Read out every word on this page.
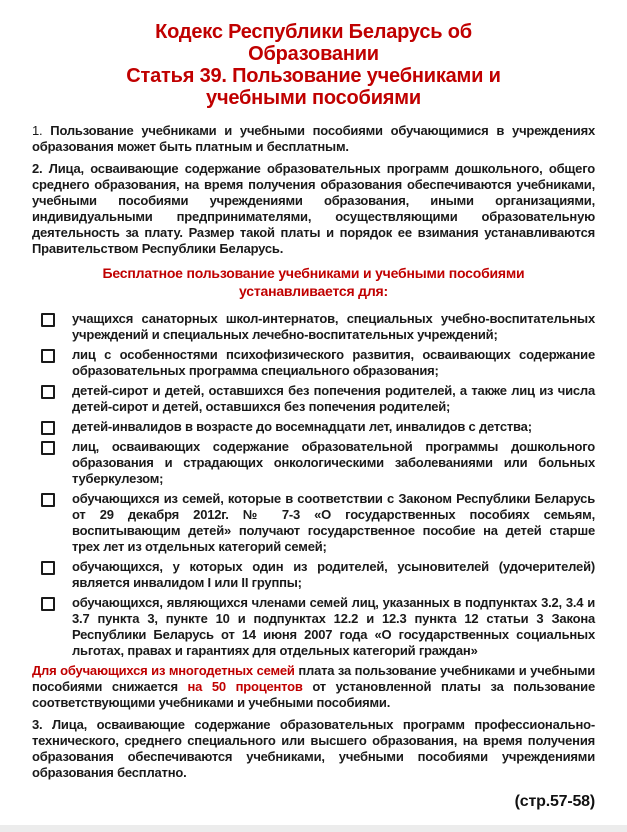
Кодекс Республики Беларусь об
Образовании
Статья 39. Пользование учебниками и
учебными пособиями

1. Пользование учебниками и учебными пособиями обучающимися в учреждениях образования может быть платным и бесплатным.

2. Лица, осваивающие содержание образовательных программ дошкольного, общего среднего образования, на время получения образования обеспечиваются учебниками, учебными пособиями учреждениями образования, иными организациями, индивидуальными предпринимателями, осуществляющими образовательную деятельность за плату. Размер такой платы и порядок ее взимания устанавливаются Правительством Республики Беларусь.

Бесплатное пользование учебниками и учебными пособиями
устанавливается для:
учащихся санаторных школ-интернатов, специальных учебно-воспитательных учреждений и специальных лечебно-воспитательных учреждений;
лиц с особенностями психофизического развития, осваивающих содержание образовательных программа специального образования;
детей-сирот и детей, оставшихся без попечения родителей, а также лиц из числа детей-сирот и детей, оставшихся без попечения родителей;
детей-инвалидов в возрасте до восемнадцати лет, инвалидов с детства;
лиц, осваивающих содержание образовательной программы дошкольного образования и страдающих онкологическими заболеваниями или больных туберкулезом;
обучающихся из семей, которые в соответствии с Законом Республики Беларусь от 29 декабря 2012г. № 7-3 «О государственных пособиях семьям, воспитывающим детей» получают государственное пособие на детей старше трех лет из отдельных категорий семей;
обучающихся, у которых один из родителей, усыновителей (удочерителей) является инвалидом I или II группы;
обучающихся, являющихся членами семей лиц, указанных в подпунктах 3.2, 3.4 и 3.7 пункта 3, пункте 10 и подпунктах 12.2 и 12.3 пункта 12 статьи 3 Закона Республики Беларусь от 14 июня 2007 года «О государственных социальных льготах, правах и гарантиях для отдельных категорий граждан»

Для обучающихся из многодетных семей плата за пользование учебниками и учебными пособиями снижается на 50 процентов от установленной платы за пользование соответствующими учебниками и учебными пособиями.

3. Лица, осваивающие содержание образовательных программ профессионально-технического, среднего специального или высшего образования, на время получения образования обеспечиваются учебниками, учебными пособиями учреждениями образования бесплатно.

(стр.57-58)
